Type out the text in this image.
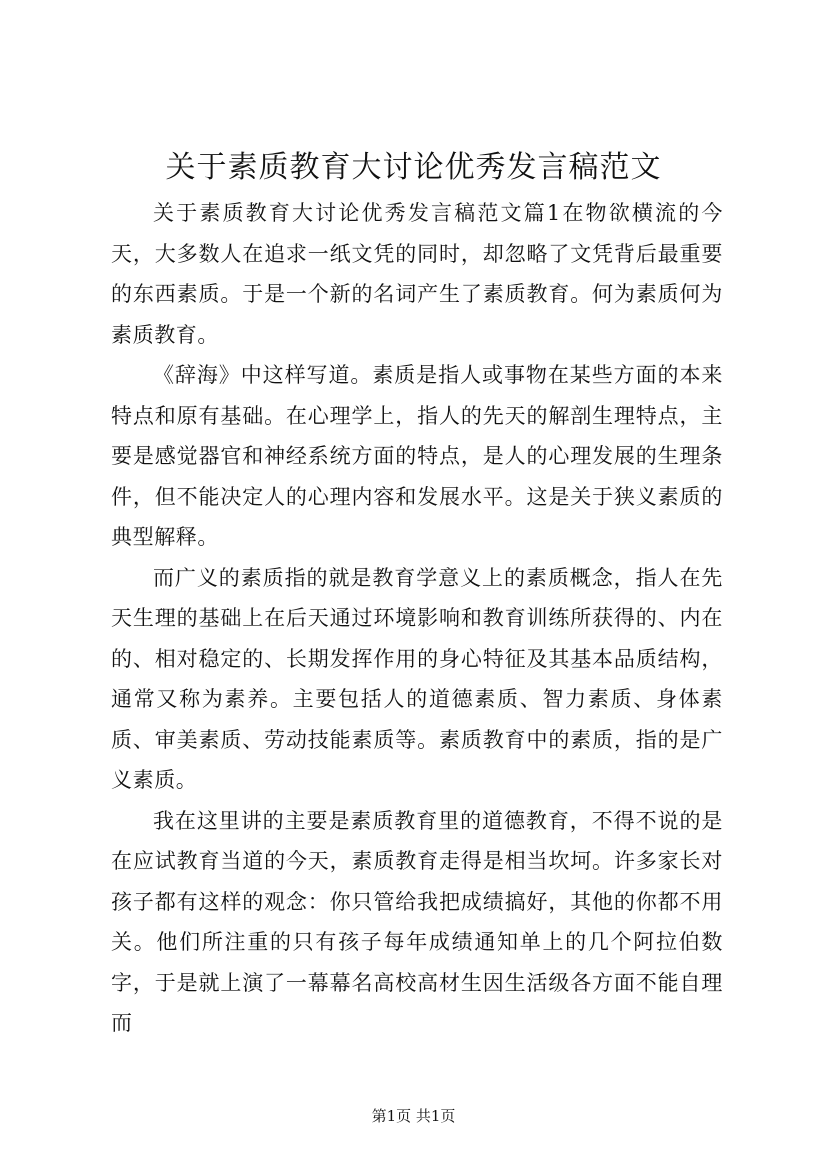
关于素质教育大讨论优秀发言稿范文

关于素质教育大讨论优秀发言稿范文篇1在物欲横流的今天，大多数人在追求一纸文凭的同时，却忽略了文凭背后最重要的东西素质。于是一个新的名词产生了素质教育。何为素质何为素质教育。

《辞海》中这样写道。素质是指人或事物在某些方面的本来特点和原有基础。在心理学上，指人的先天的解剖生理特点，主要是感觉器官和神经系统方面的特点，是人的心理发展的生理条件，但不能决定人的心理内容和发展水平。这是关于狭义素质的典型解释。

而广义的素质指的就是教育学意义上的素质概念，指人在先天生理的基础上在后天通过环境影响和教育训练所获得的、内在的、相对稳定的、长期发挥作用的身心特征及其基本品质结构，通常又称为素养。主要包括人的道德素质、智力素质、身体素质、审美素质、劳动技能素质等。素质教育中的素质，指的是广义素质。

我在这里讲的主要是素质教育里的道德教育，不得不说的是在应试教育当道的今天，素质教育走得是相当坎坷。许多家长对孩子都有这样的观念：你只管给我把成绩搞好，其他的你都不用关。他们所注重的只有孩子每年成绩通知单上的几个阿拉伯数字，于是就上演了一幕幕名高校高材生因生活级各方面不能自理而

第1页 共1页
